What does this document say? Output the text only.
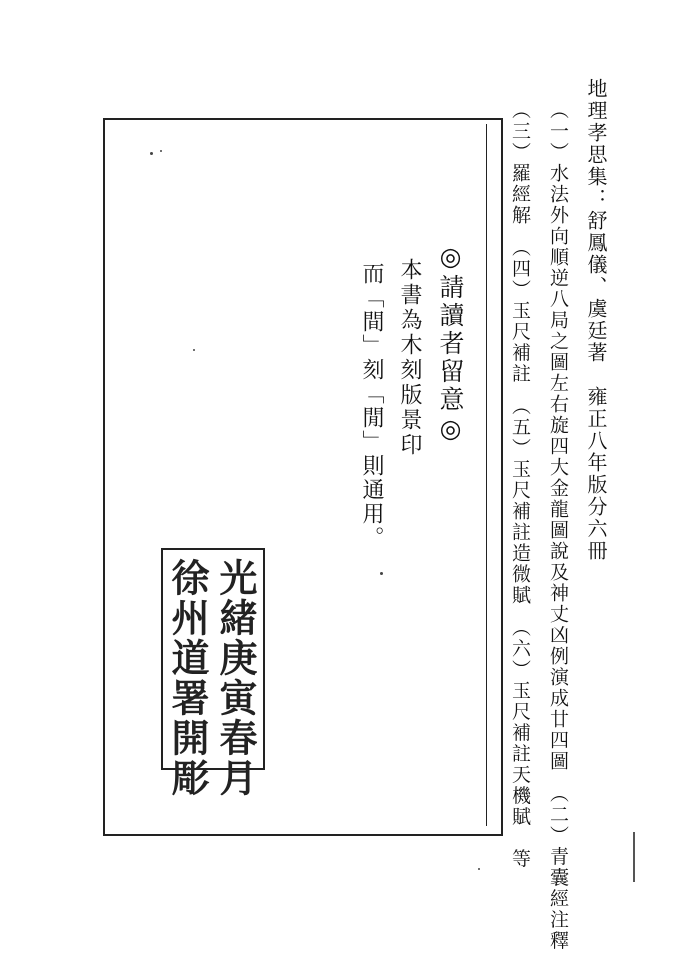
地理孝思集：舒鳳儀、虞廷著　雍正八年版分六冊
（一）水法外向順逆八局之圖左右旋四大金龍圖說及神丈凶例演成廿四圖　（二）青囊經注釋
（三）羅經解　（四）玉尺補註　（五）玉尺補註造微賦　（六）玉尺補註天機賦　等
◎請讀者留意◎
本書為木刻版景印
而「間」刻「閒」則通用。
光緒庚寅春月
徐州道署開彫
